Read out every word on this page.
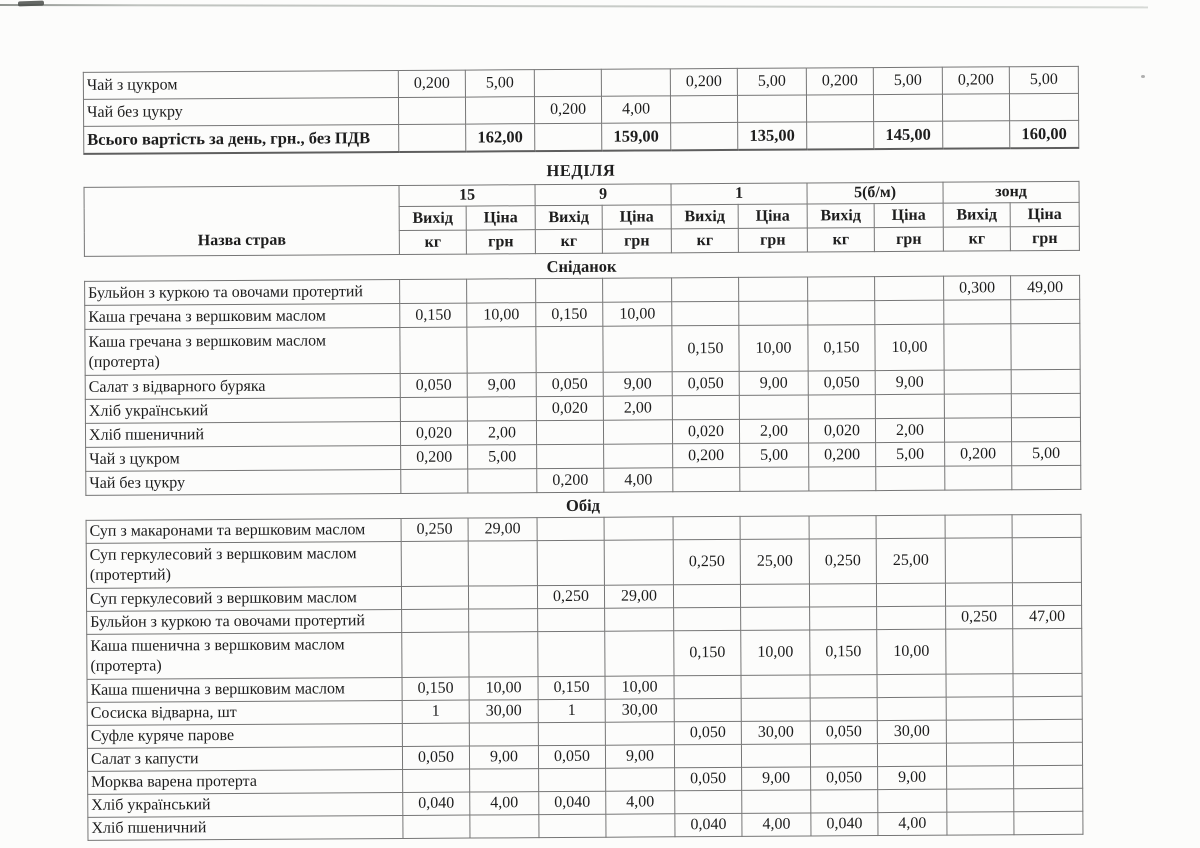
Чай з цукром	0,200	5,00			0,200	5,00	0,200	5,00	0,200	5,00
Чай без цукру			0,200	4,00						
Всього вартість за день, грн., без ПДВ		162,00		159,00		135,00		145,00		160,00
НЕДІЛЯ
Назва страв	15		9		1		5(б/м)		зонд	
	Вихід	Ціна	Вихід	Ціна	Вихід	Ціна	Вихід	Ціна	Вихід	Ціна
	кг	грн	кг	грн	кг	грн	кг	грн	кг	грн
Сніданок
Бульйон з куркою та овочами протертий									0,300	49,00
Каша гречана з вершковим маслом	0,150	10,00	0,150	10,00						
Каша гречана з вершковим маслом
(протерта)					0,150	10,00	0,150	10,00		
Салат з відварного буряка	0,050	9,00	0,050	9,00	0,050	9,00	0,050	9,00		
Хліб український			0,020	2,00						
Хліб пшеничний	0,020	2,00			0,020	2,00	0,020	2,00		
Чай з цукром	0,200	5,00			0,200	5,00	0,200	5,00	0,200	5,00
Чай без цукру			0,200	4,00						
Обід
Суп з макаронами та вершковим маслом	0,250	29,00								
Суп геркулесовий з вершковим маслом
(протертий)					0,250	25,00	0,250	25,00		
Суп геркулесовий з вершковим маслом			0,250	29,00						
Бульйон з куркою та овочами протертий									0,250	47,00
Каша пшенична з вершковим маслом
(протерта)					0,150	10,00	0,150	10,00		
Каша пшенична з вершковим маслом	0,150	10,00	0,150	10,00						
Сосиска відварна, шт	1	30,00	1	30,00						
Суфле куряче парове					0,050	30,00	0,050	30,00		
Салат з капусти	0,050	9,00	0,050	9,00						
Морква варена протерта					0,050	9,00	0,050	9,00		
Хліб український	0,040	4,00	0,040	4,00						
Хліб пшеничний					0,040	4,00	0,040	4,00		
